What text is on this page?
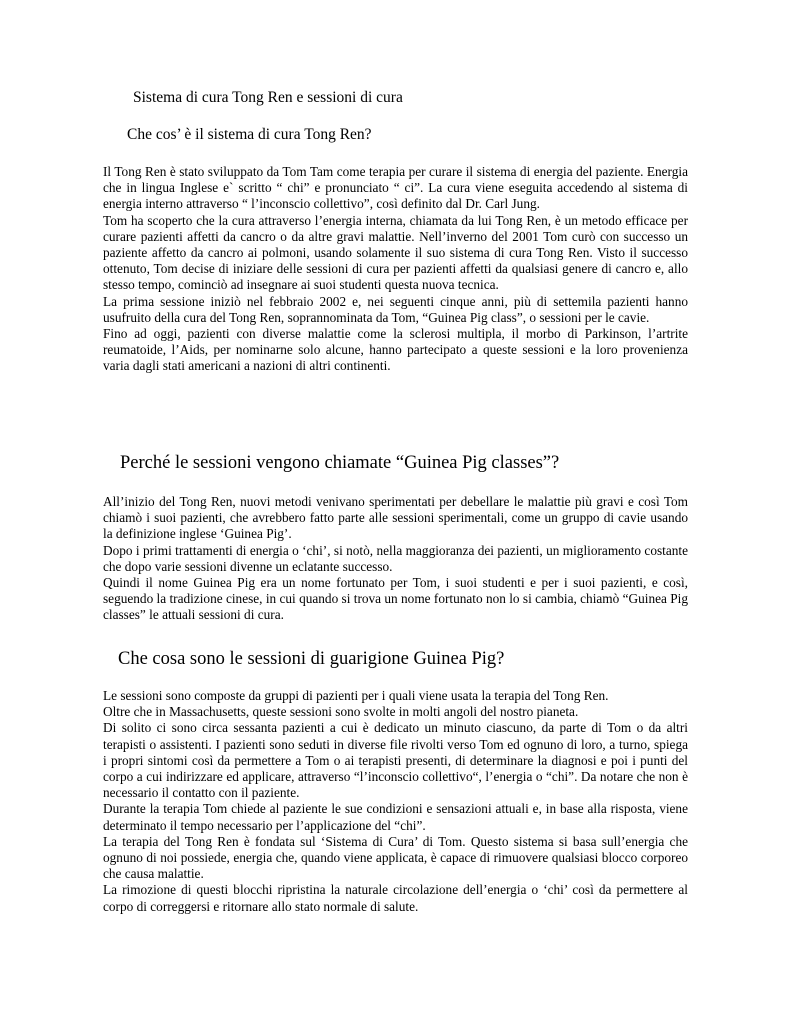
Sistema di cura Tong Ren e sessioni di cura
Che cos’ è il sistema di cura Tong Ren?

Il Tong Ren è stato sviluppato da Tom Tam come terapia per curare il sistema di energia del paziente. Energia che in lingua Inglese e` scritto “ chi” e pronunciato “ ci”. La cura viene eseguita accedendo al sistema di energia interno attraverso “ l’inconscio collettivo”, così definito dal Dr. Carl Jung.

Tom ha scoperto che la cura attraverso l’energia interna, chiamata da lui Tong Ren, è un metodo efficace per curare pazienti affetti da cancro o da altre gravi malattie. Nell’inverno del 2001 Tom curò con successo un paziente affetto da cancro ai polmoni, usando solamente il suo sistema di cura Tong Ren. Visto il successo ottenuto, Tom decise di iniziare delle sessioni di cura per pazienti affetti da qualsiasi genere di cancro e, allo stesso tempo, cominciò ad insegnare ai suoi studenti questa nuova tecnica.

La prima sessione iniziò nel febbraio 2002 e, nei seguenti cinque anni, più di settemila pazienti hanno usufruito della cura del Tong Ren, soprannominata da Tom, “Guinea Pig class”, o sessioni per le cavie.

Fino ad oggi, pazienti con diverse malattie come la sclerosi multipla, il morbo di Parkinson, l’artrite reumatoide, l’Aids, per nominarne solo alcune, hanno partecipato a queste sessioni e la loro provenienza varia dagli stati americani a nazioni di altri continenti.

Perché le sessioni vengono chiamate “Guinea Pig classes”?

All’inizio del Tong Ren, nuovi metodi venivano sperimentati per debellare le malattie più gravi e così Tom chiamò i suoi pazienti, che avrebbero fatto parte alle sessioni sperimentali, come un gruppo di cavie usando la definizione inglese ‘Guinea Pig’.

Dopo i primi trattamenti di energia o ‘chi’, si notò, nella maggioranza dei pazienti, un miglioramento costante che dopo varie sessioni divenne un eclatante successo.

Quindi il nome Guinea Pig era un nome fortunato per Tom, i suoi studenti e per i suoi pazienti, e così, seguendo la tradizione cinese, in cui quando si trova un nome fortunato non lo si cambia, chiamò “Guinea Pig classes” le attuali sessioni di cura.

Che cosa sono le sessioni di guarigione Guinea Pig?

Le sessioni sono composte da gruppi di pazienti per i quali viene usata la terapia del Tong Ren.

Oltre che in Massachusetts, queste sessioni sono svolte in molti angoli del nostro pianeta.

Di solito ci sono circa sessanta pazienti a cui è dedicato un minuto ciascuno, da parte di Tom o da altri terapisti o assistenti. I pazienti sono seduti in diverse file rivolti verso Tom ed ognuno di loro, a turno, spiega i propri sintomi così da permettere a Tom o ai terapisti presenti, di determinare la diagnosi e poi i punti del corpo a cui indirizzare ed applicare, attraverso “l’inconscio collettivo“, l’energia o “chi”. Da notare che non è necessario il contatto con il paziente.

Durante la terapia Tom chiede al paziente le sue condizioni e sensazioni attuali e, in base alla risposta, viene determinato il tempo necessario per l’applicazione del “chi”.

La terapia del Tong Ren è fondata sul ‘Sistema di Cura’ di Tom. Questo sistema si basa sull’energia che ognuno di noi possiede, energia che, quando viene applicata, è capace di rimuovere qualsiasi blocco corporeo che causa malattie.

La rimozione di questi blocchi ripristina la naturale circolazione dell’energia o ‘chi’ così da permettere al corpo di correggersi e ritornare allo stato normale di salute.
